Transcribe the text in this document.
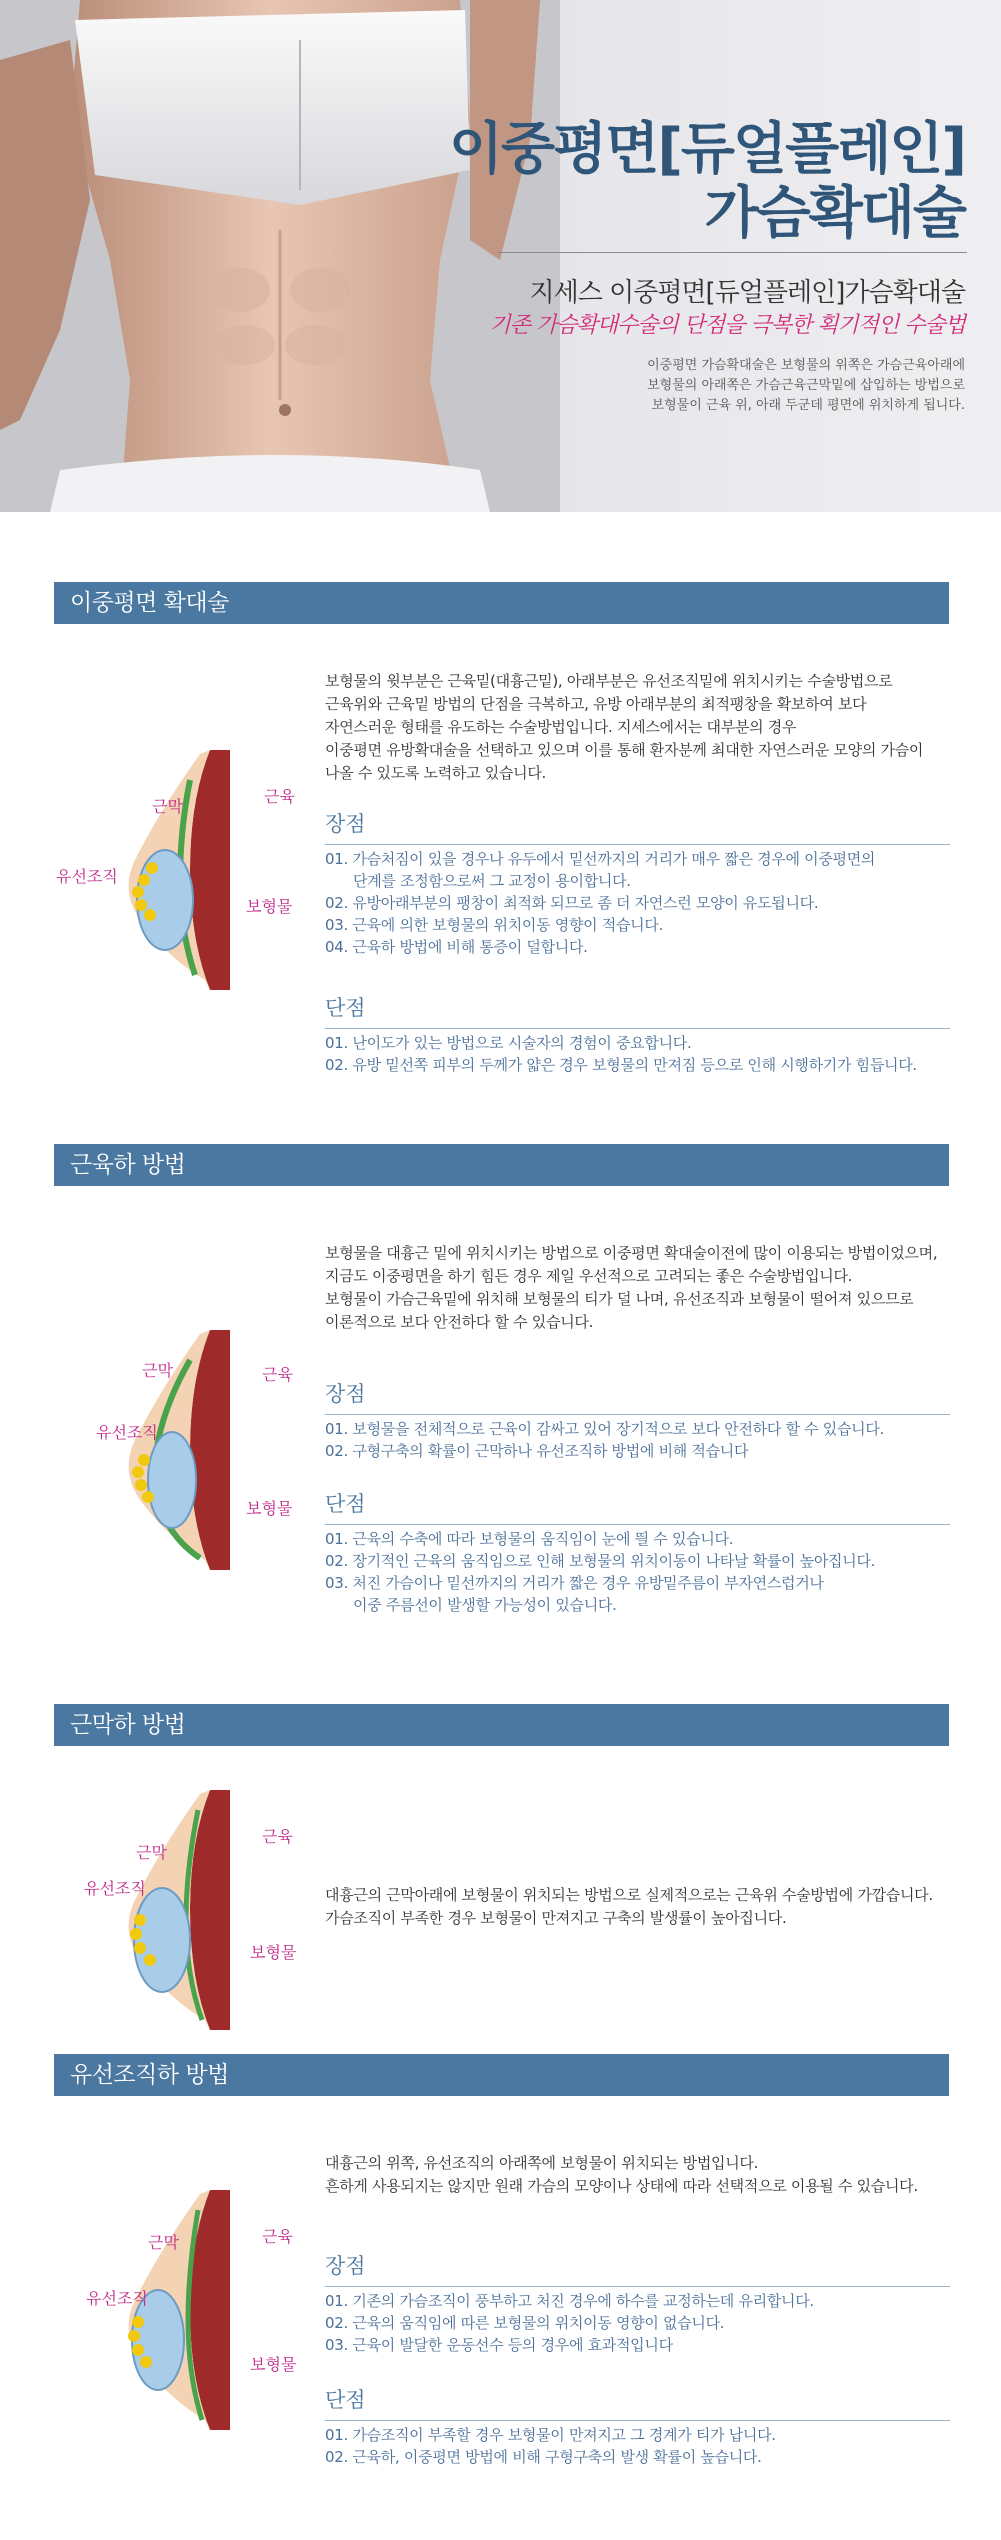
이중평면[듀얼플레인]
가슴확대술
지세스 이중평면[듀얼플레인]가슴확대술
기존 가슴확대수술의 단점을 극복한 획기적인 수술법
이중평면 가슴확대술은 보형물의 위쪽은 가슴근육아래에
보형물의 아래쪽은 가슴근육근막밑에 삽입하는 방법으로
보형물이 근육 위, 아래 두군데 평면에 위치하게 됩니다.
이중평면 확대술
보형물의 윗부분은 근육밑(대흉근밑), 아래부분은 유선조직밑에 위치시키는 수술방법으로
근육위와 근육밑 방법의 단점을 극복하고, 유방 아래부분의 최적팽창을 확보하여 보다
자연스러운 형태를 유도하는 수술방법입니다. 지세스에서는 대부분의 경우
이중평면 유방확대술을 선택하고 있으며 이를 통해 환자분께 최대한 자연스러운 모양의 가슴이
나올 수 있도록 노력하고 있습니다.
장점
01. 가슴처짐이 있을 경우나 유두에서 밑선까지의 거리가 매우 짧은 경우에 이중평면의
단계를 조정함으로써 그 교정이 용이합니다.
02. 유방아래부분의 팽창이 최적화 되므로 좀 더 자연스런 모양이 유도됩니다.
03. 근육에 의한 보형물의 위치이동 영향이 적습니다.
04. 근육하 방법에 비해 통증이 덜합니다.
단점
01. 난이도가 있는 방법으로 시술자의 경험이 중요합니다.
02. 유방 밑선쪽 피부의 두께가 얇은 경우 보형물의 만져짐 등으로 인해 시행하기가 힘듭니다.
근육하 방법
보형물을 대흉근 밑에 위치시키는 방법으로 이중평면 확대술이전에 많이 이용되는 방법이었으며,
지금도 이중평면을 하기 힘든 경우 제일 우선적으로 고려되는 좋은 수술방법입니다.
보형물이 가슴근육밑에 위치해 보형물의 티가 덜 나며, 유선조직과 보형물이 떨어져 있으므로
이론적으로 보다 안전하다 할 수 있습니다.
장점
01. 보형물을 전체적으로 근육이 감싸고 있어 장기적으로 보다 안전하다 할 수 있습니다.
02. 구형구축의 확률이 근막하나 유선조직하 방법에 비해 적습니다
단점
01. 근육의 수축에 따라 보형물의 움직임이 눈에 띌 수 있습니다.
02. 장기적인 근육의 움직임으로 인해 보형물의 위치이동이 나타날 확률이 높아집니다.
03. 처진 가슴이나 밑선까지의 거리가 짧은 경우 유방밑주름이 부자연스럽거나
이중 주름선이 발생할 가능성이 있습니다.
근막하 방법
대흉근의 근막아래에 보형물이 위치되는 방법으로 실제적으로는 근육위 수술방법에 가깝습니다.
가슴조직이 부족한 경우 보형물이 만져지고 구축의 발생률이 높아집니다.
유선조직하 방법
대흉근의 위쪽, 유선조직의 아래쪽에 보형물이 위치되는 방법입니다.
흔하게 사용되지는 않지만 원래 가슴의 모양이나 상태에 따라 선택적으로 이용될 수 있습니다.
장점
01. 기존의 가슴조직이 풍부하고 처진 경우에 하수를 교정하는데 유리합니다.
02. 근육의 움직임에 따른 보형물의 위치이동 영향이 없습니다.
03. 근육이 발달한 운동선수 등의 경우에 효과적입니다
단점
01. 가슴조직이 부족할 경우 보형물이 만져지고 그 경계가 티가 납니다.
02. 근육하, 이중평면 방법에 비해 구형구축의 발생 확률이 높습니다.
근막
근육
유선조직
보형물
근막	근육
유선조직
보형물
근막
근육
유선조직
보형물
근막	근육
유선조직
보형물
